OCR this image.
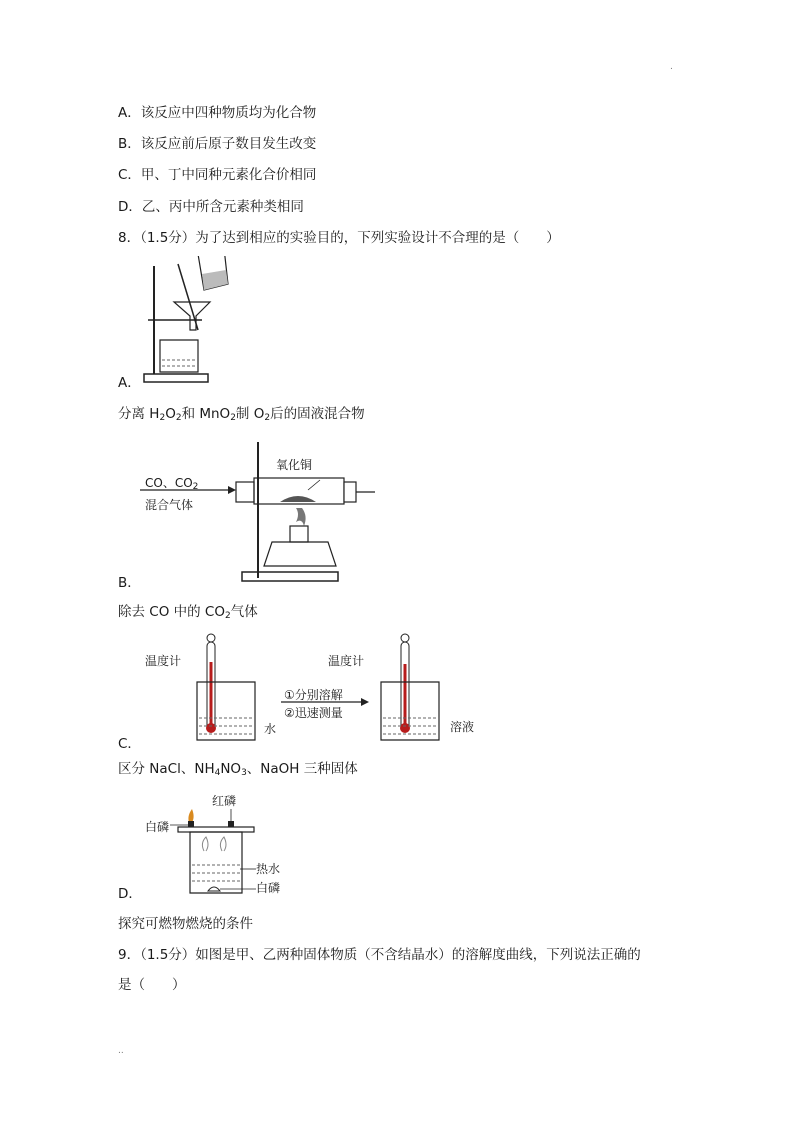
.
..
A．该反应中四种物质均为化合物
B．该反应前后原子数目发生改变
C．甲、丁中同种元素化合价相同
D．乙、丙中所含元素种类相同
8．（1.5分）为了达到相应的实验目的，下列实验设计不合理的是（　　）
A．
分离 $H_2O_2$和 MnO$_2$制 $O_2$后的固液混合物
CO、$CO_2$
混合气体
氧化铜
B．
除去 CO 中的 $CO_2$气体
温度计
水
①分别溶解
②迅速测量
温度计
溶液
C．
区分 NaCl、$NH_4NO_3$、NaOH 三种固体
红磷
白磷
热水
白磷
D．
探究可燃物燃烧的条件
9．（1.5分）如图是甲、乙两种固体物质（不含结晶水）的溶解度曲线，下列说法正确的
是（　　）
